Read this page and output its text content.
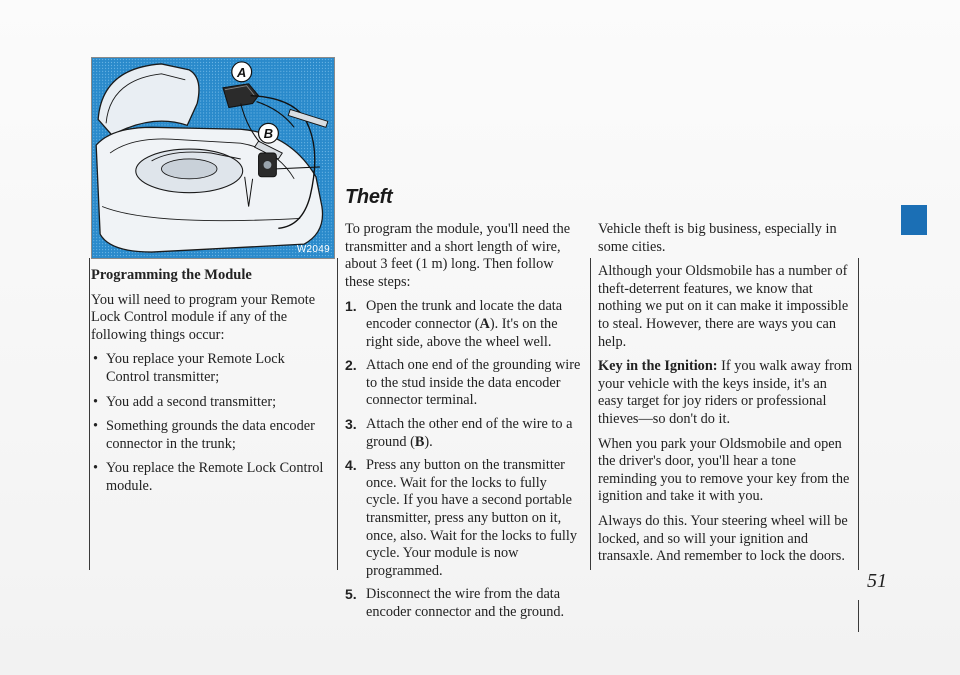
A
B
W2049

Programming the Module

You will need to program your Remote Lock Control module if any of the following things occur:

• You replace your Remote Lock Control transmitter;
• You add a second transmitter;
• Something grounds the data encoder connector in the trunk;
• You replace the Remote Lock Control module.

To program the module, you'll need the transmitter and a short length of wire, about 3 feet (1 m) long. Then follow these steps:

1. Open the trunk and locate the data encoder connector (A). It's on the right side, above the wheel well.
2. Attach one end of the grounding wire to the stud inside the data encoder connector terminal.
3. Attach the other end of the wire to a ground (B).
4. Press any button on the transmitter once. Wait for the locks to fully cycle. If you have a second portable transmitter, press any button on it, once, also. Wait for the locks to fully cycle. Your module is now programmed.
5. Disconnect the wire from the data encoder connector and the ground.
Theft

Vehicle theft is big business, especially in some cities.

Although your Oldsmobile has a number of theft-deterrent features, we know that nothing we put on it can make it impossible to steal. However, there are ways you can help.

Key in the Ignition: If you walk away from your vehicle with the keys inside, it's an easy target for joy riders or professional thieves—so don't do it.

When you park your Oldsmobile and open the driver's door, you'll hear a tone reminding you to remove your key from the ignition and take it with you.

Always do this. Your steering wheel will be locked, and so will your ignition and transaxle. And remember to lock the doors.

51
